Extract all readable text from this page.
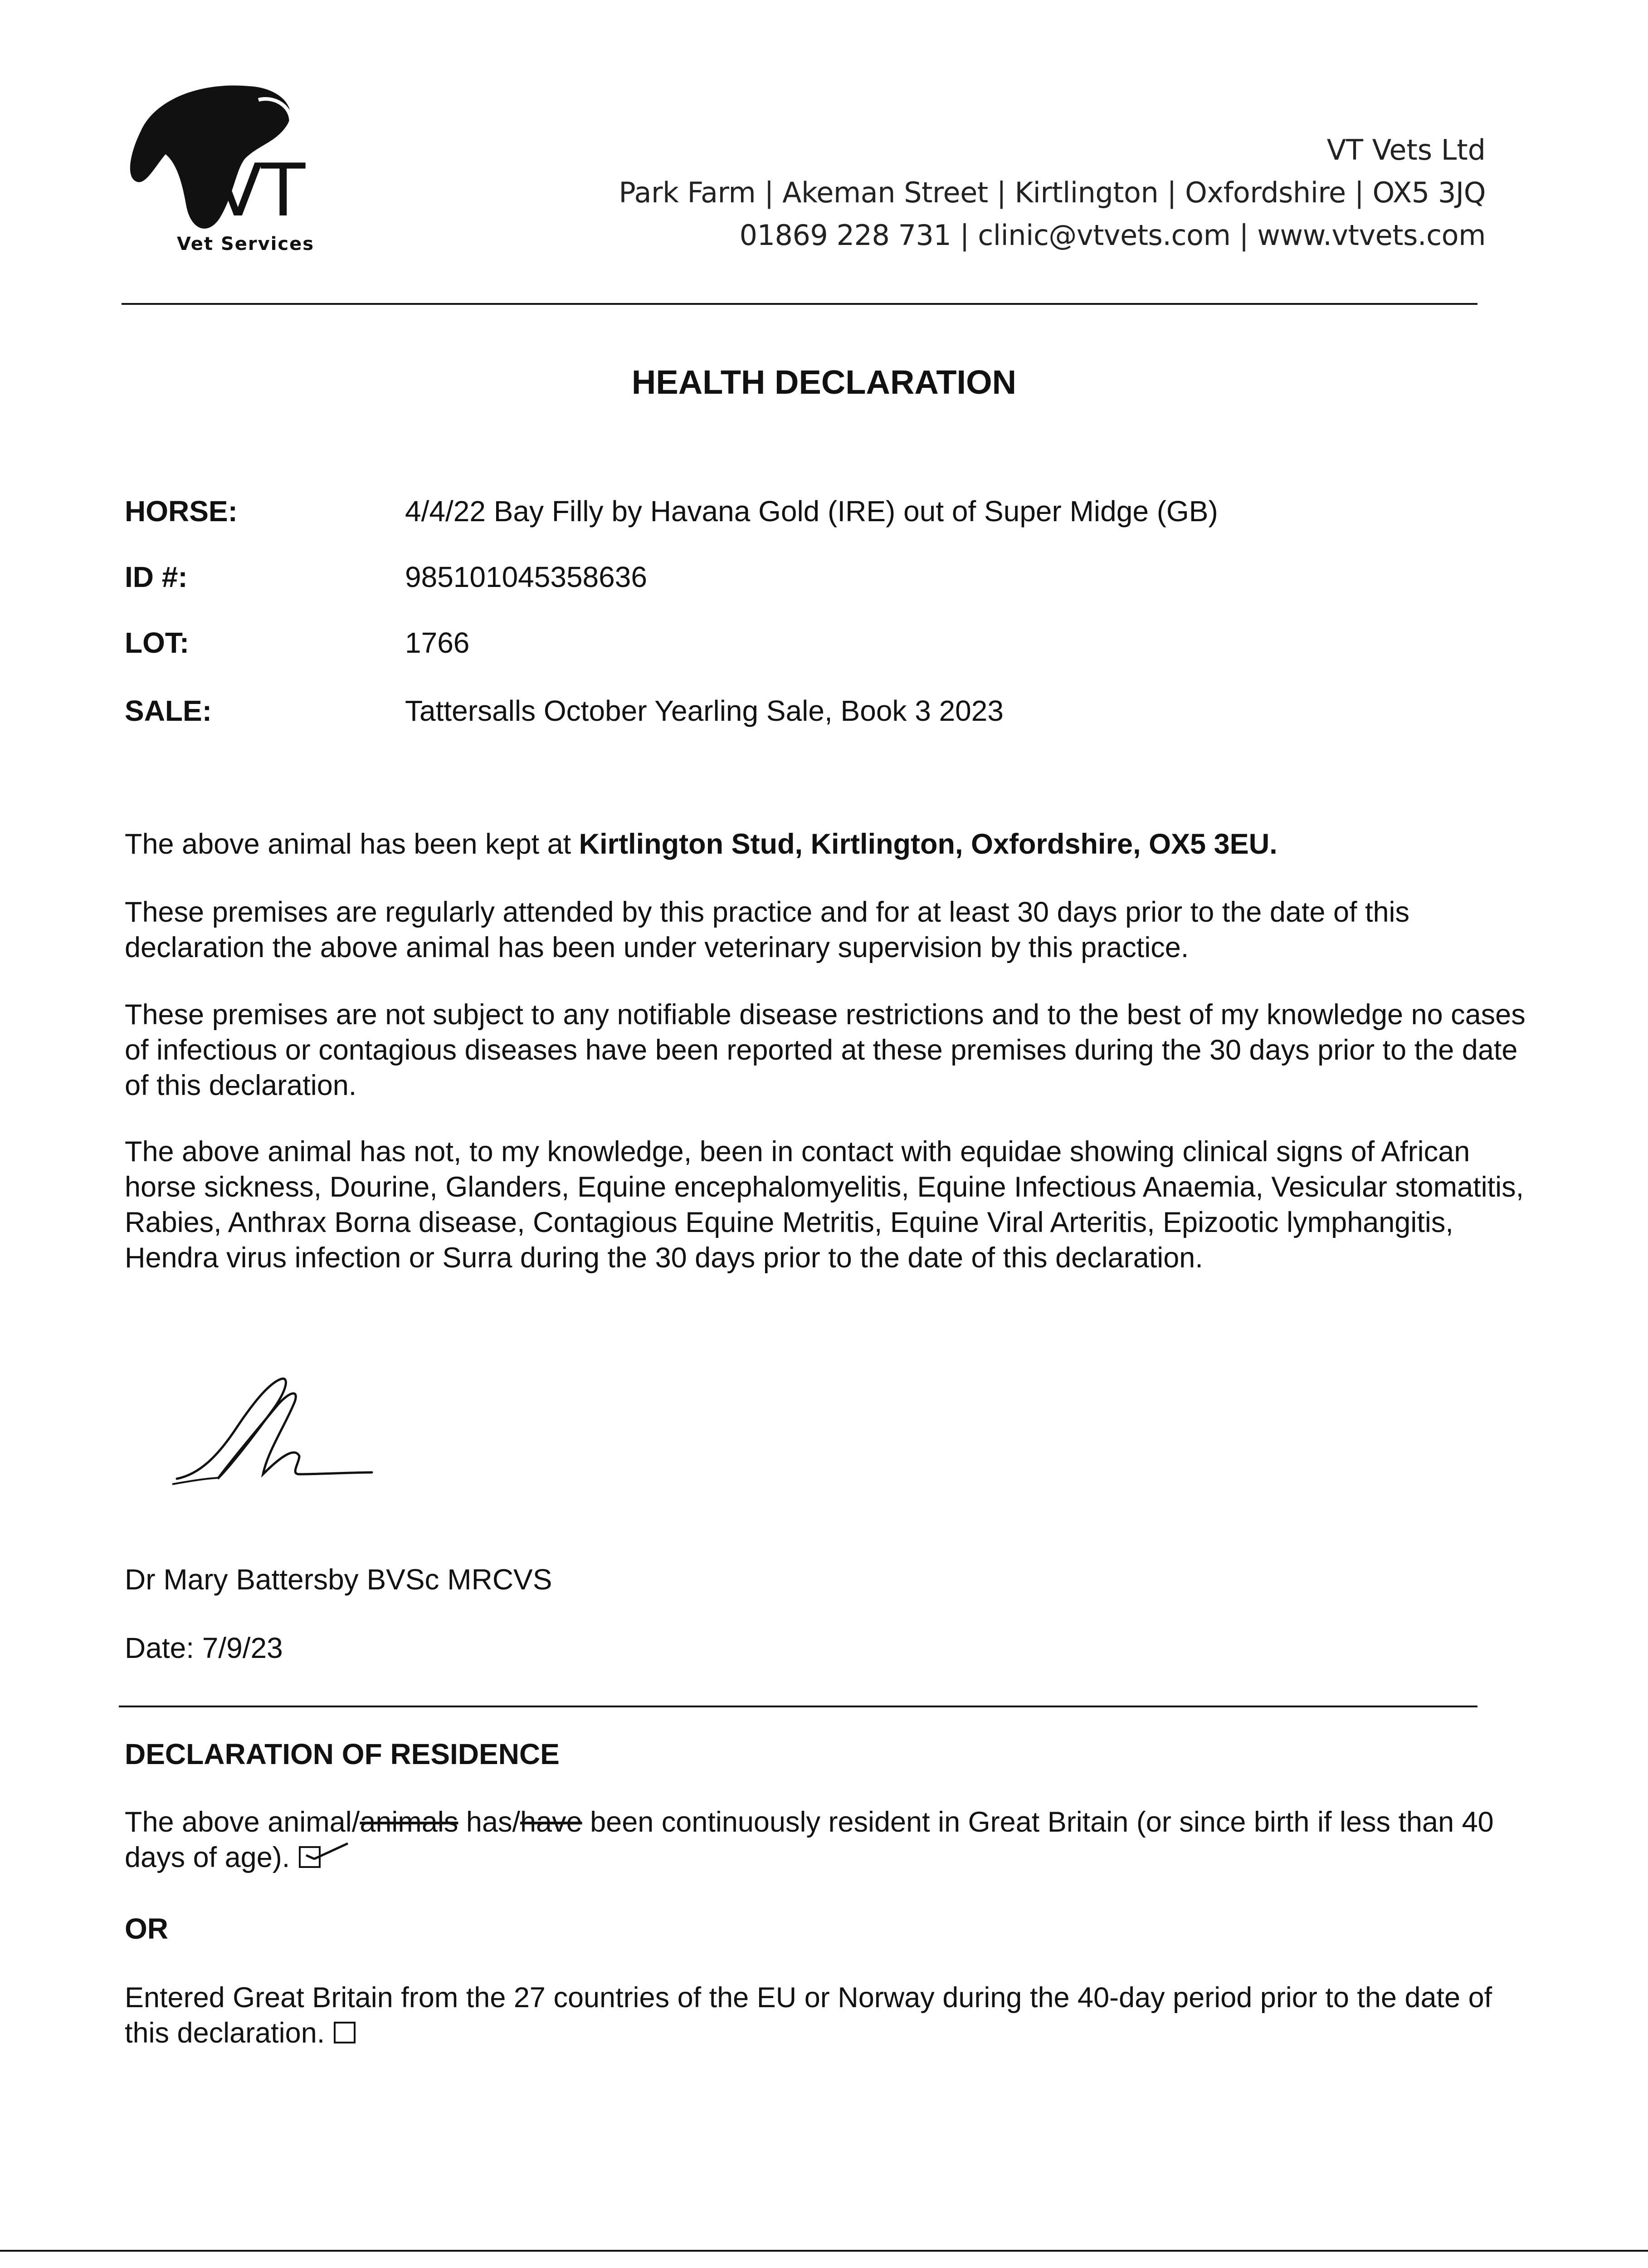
VT
Vet Services
VT Vets Ltd
Park Farm | Akeman Street | Kirtlington | Oxfordshire | OX5 3JQ
01869 228 731 | clinic@vtvets.com | www.vtvets.com
HEALTH DECLARATION
HORSE:	4/4/22 Bay Filly by Havana Gold (IRE) out of Super Midge (GB)
ID #:	985101045358636
LOT:	1766
SALE:	Tattersalls October Yearling Sale, Book 3 2023

The above animal has been kept at Kirtlington Stud, Kirtlington, Oxfordshire, OX5 3EU.

These premises are regularly attended by this practice and for at least 30 days prior to the date of this declaration the above animal has been under veterinary supervision by this practice.

These premises are not subject to any notifiable disease restrictions and to the best of my knowledge no cases of infectious or contagious diseases have been reported at these premises during the 30 days prior to the date of this declaration.

The above animal has not, to my knowledge, been in contact with equidae showing clinical signs of African horse sickness, Dourine, Glanders, Equine encephalomyelitis, Equine Infectious Anaemia, Vesicular stomatitis, Rabies, Anthrax Borna disease, Contagious Equine Metritis, Equine Viral Arteritis, Epizootic lymphangitis, Hendra virus infection or Surra during the 30 days prior to the date of this declaration.

Dr Mary Battersby BVSc MRCVS
Date: 7/9/23
DECLARATION OF RESIDENCE

The above animal/animals has/have been continuously resident in Great Britain (or since birth if less than 40 days of age).

OR

Entered Great Britain from the 27 countries of the EU or Norway during the 40-day period prior to the date of this declaration.
